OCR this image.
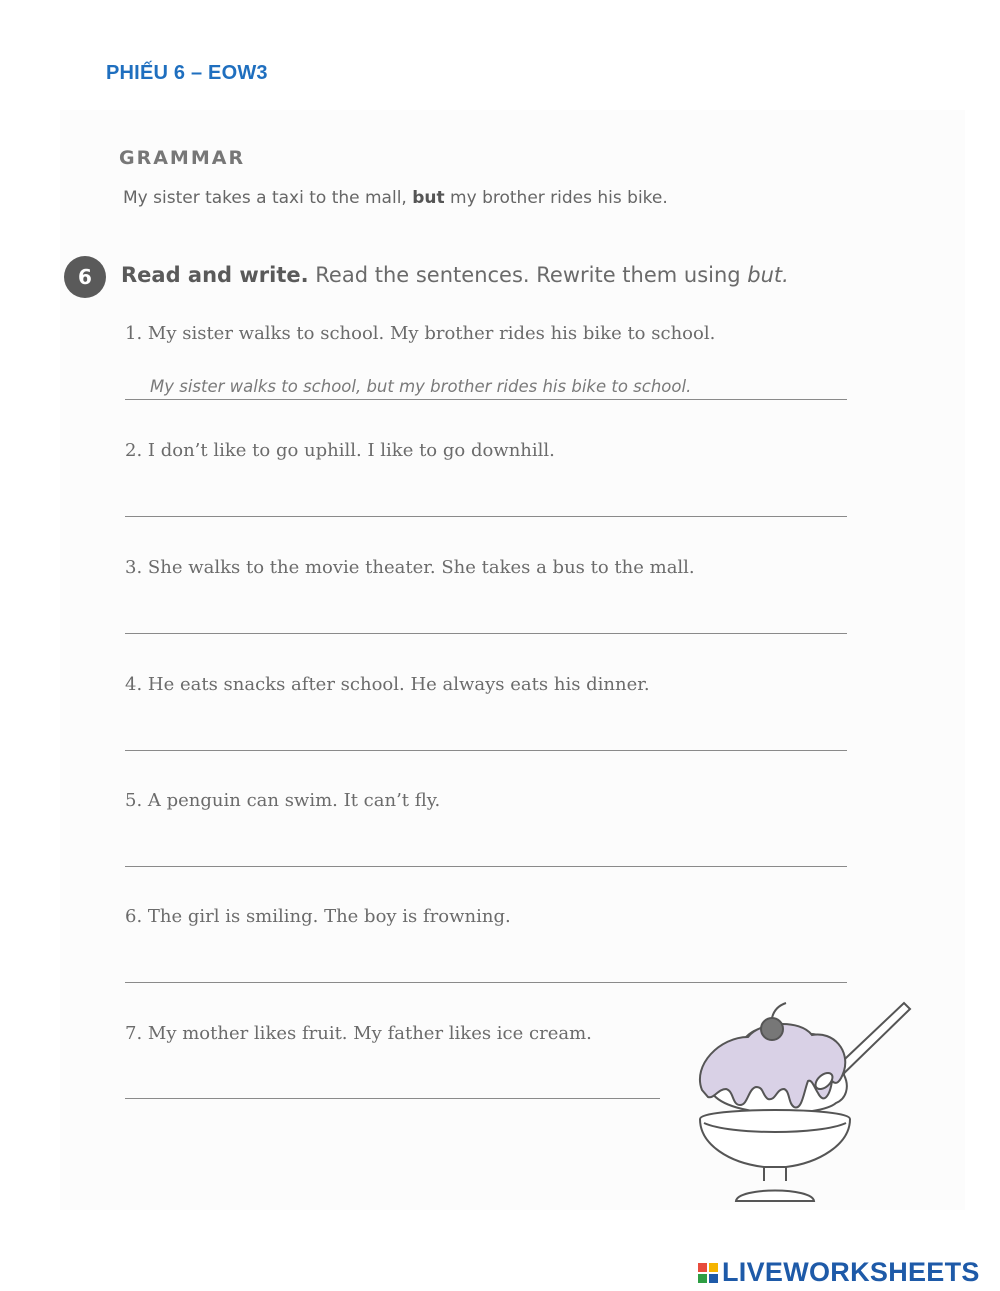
PHIẾU 6 – EOW3
GRAMMAR
My sister takes a taxi to the mall, but my brother rides his bike.
6	Read and write. Read the sentences. Rewrite them using but.
1. My sister walks to school. My brother rides his bike to school.
My sister walks to school, but my brother rides his bike to school.
2. I don’t like to go uphill. I like to go downhill.
3. She walks to the movie theater. She takes a bus to the mall.
4. He eats snacks after school. He always eats his dinner.
5. A penguin can swim. It can’t fly.
6. The girl is smiling. The boy is frowning.
7. My mother likes fruit. My father likes ice cream.
LIVEWORKSHEETS
